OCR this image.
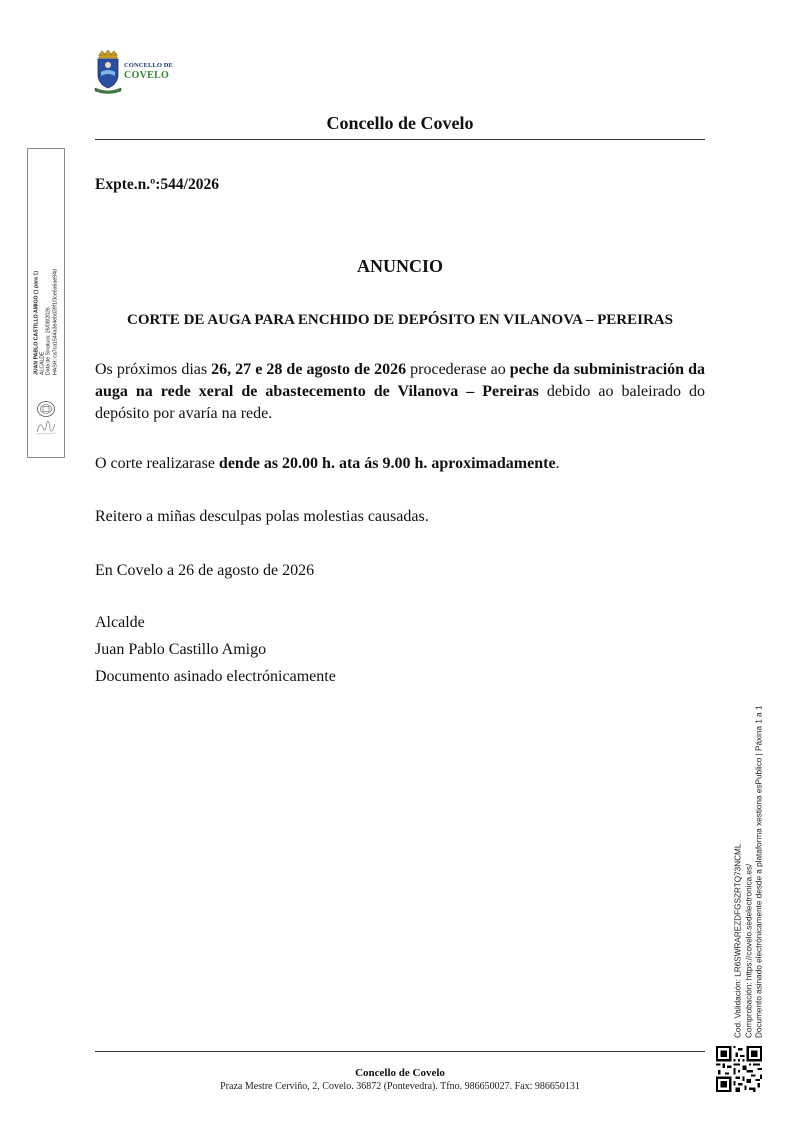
CONCELLO DE
COVELO
Concello de Covelo
JUAN PABLO CASTILLO AMIGO (1 para 1) ALCALDE Data de Sinatura: 26/08/2026 HASH: ca7ca1544a3e4ebd39f1f3ce6a6ae94d
Expte.n.º:544/2026
ANUNCIO
CORTE DE AUGA PARA ENCHIDO DE DEPÓSITO EN VILANOVA – PEREIRAS
Os próximos dias 26, 27 e 28 de agosto de 2026 procederase ao peche da subministración da auga na rede xeral de abastecemento de Vilanova – Pereiras debido ao baleirado do depósito por avaría na rede.
O corte realizarase dende as 20.00 h. ata ás 9.00 h. aproximadamente.
Reitero a miñas desculpas polas molestias causadas.
En Covelo a 26 de agosto de 2026
Alcalde
Juan Pablo Castillo Amigo
Documento asinado electrónicamente
Cod. Validación: LR6SWRAREZDFGSZRTQ73NCML Comprobación: https://covelo.sedelectronica.es/ Documento asinado electrónicamente desde a plataforma xestiona esPublico | Páxina 1 a 1
Concello de Covelo
Praza Mestre Cerviño, 2, Covelo. 36872 (Pontevedra). Tfno. 986650027. Fax: 986650131
